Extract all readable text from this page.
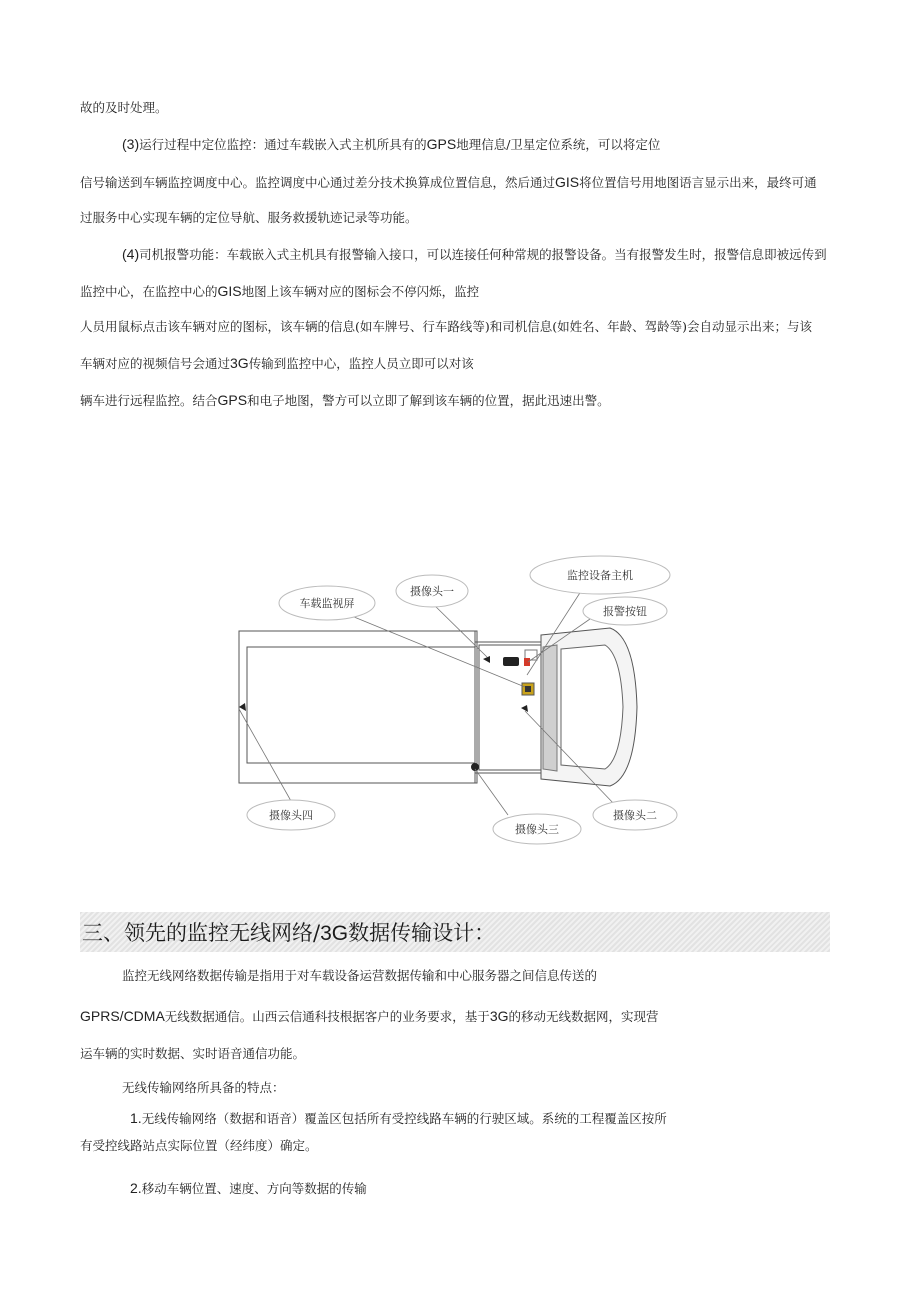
故的及时处理。
(3)运行过程中定位监控：通过车载嵌入式主机所具有的GPS地理信息/卫星定位系统，可以将定位
信号输送到车辆监控调度中心。监控调度中心通过差分技术换算成位置信息，然后通过GIS将位置信号用地图语言显示出来，最终可通
过服务中心实现车辆的定位导航、服务救援轨迹记录等功能。
(4)司机报警功能：车载嵌入式主机具有报警输入接口，可以连接任何种常规的报警设备。当有报警发生时，报警信息即被远传到
监控中心，在监控中心的GIS地图上该车辆对应的图标会不停闪烁，监控
人员用鼠标点击该车辆对应的图标，该车辆的信息(如车牌号、行车路线等)和司机信息(如姓名、年龄、驾龄等)会自动显示出来；与该
车辆对应的视频信号会通过3G传输到监控中心，监控人员立即可以对该
辆车进行远程监控。结合GPS和电子地图，警方可以立即了解到该车辆的位置，据此迅速出警。
监控设备主机
摄像头一
车载监视屏
报警按钮
摄像头四
摄像头三
摄像头二
三、领先的监控无线网络/3G数据传输设计：
监控无线网络数据传输是指用于对车载设备运营数据传输和中心服务器之间信息传送的
GPRS/CDMA无线数据通信。山西云信通科技根据客户的业务要求，基于3G的移动无线数据网，实现营
运车辆的实时数据、实时语音通信功能。
无线传输网络所具备的特点：
1.无线传输网络（数据和语音）覆盖区包括所有受控线路车辆的行驶区域。系统的工程覆盖区按所
有受控线路站点实际位置（经纬度）确定。
2.移动车辆位置、速度、方向等数据的传输
